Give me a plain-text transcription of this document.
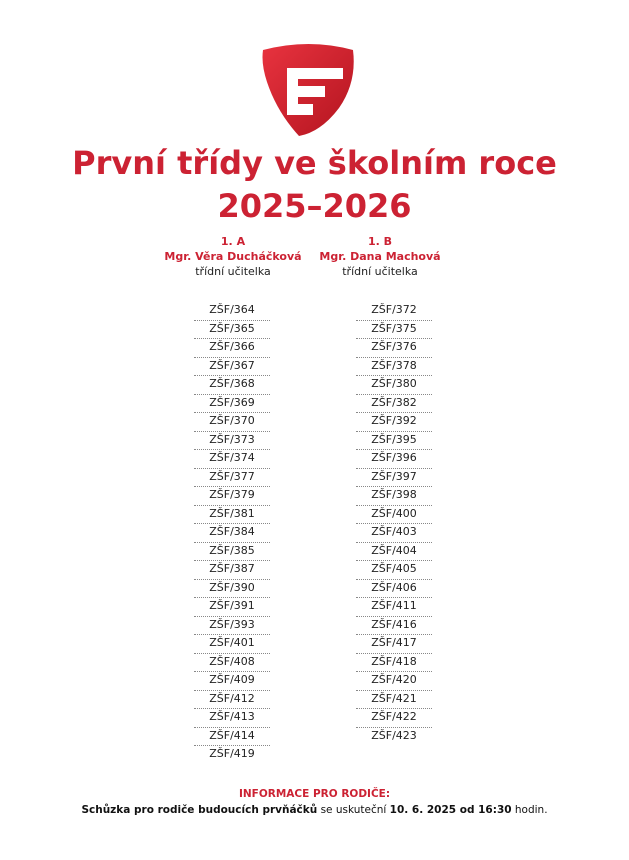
První třídy ve školním roce
2025–2026
1. A
Mgr. Věra Ducháčková
třídní učitelka
1. B
Mgr. Dana Machová
třídní učitelka
ZŠF/364
ZŠF/365
ZŠF/366
ZŠF/367
ZŠF/368
ZŠF/369
ZŠF/370
ZŠF/373
ZŠF/374
ZŠF/377
ZŠF/379
ZŠF/381
ZŠF/384
ZŠF/385
ZŠF/387
ZŠF/390
ZŠF/391
ZŠF/393
ZŠF/401
ZŠF/408
ZŠF/409
ZŠF/412
ZŠF/413
ZŠF/414
ZŠF/419
ZŠF/372
ZŠF/375
ZŠF/376
ZŠF/378
ZŠF/380
ZŠF/382
ZŠF/392
ZŠF/395
ZŠF/396
ZŠF/397
ZŠF/398
ZŠF/400
ZŠF/403
ZŠF/404
ZŠF/405
ZŠF/406
ZŠF/411
ZŠF/416
ZŠF/417
ZŠF/418
ZŠF/420
ZŠF/421
ZŠF/422
ZŠF/423
INFORMACE PRO RODIČE:
Schůzka pro rodiče budoucích prvňáčků se uskuteční 10. 6. 2025 od 16:30 hodin.
